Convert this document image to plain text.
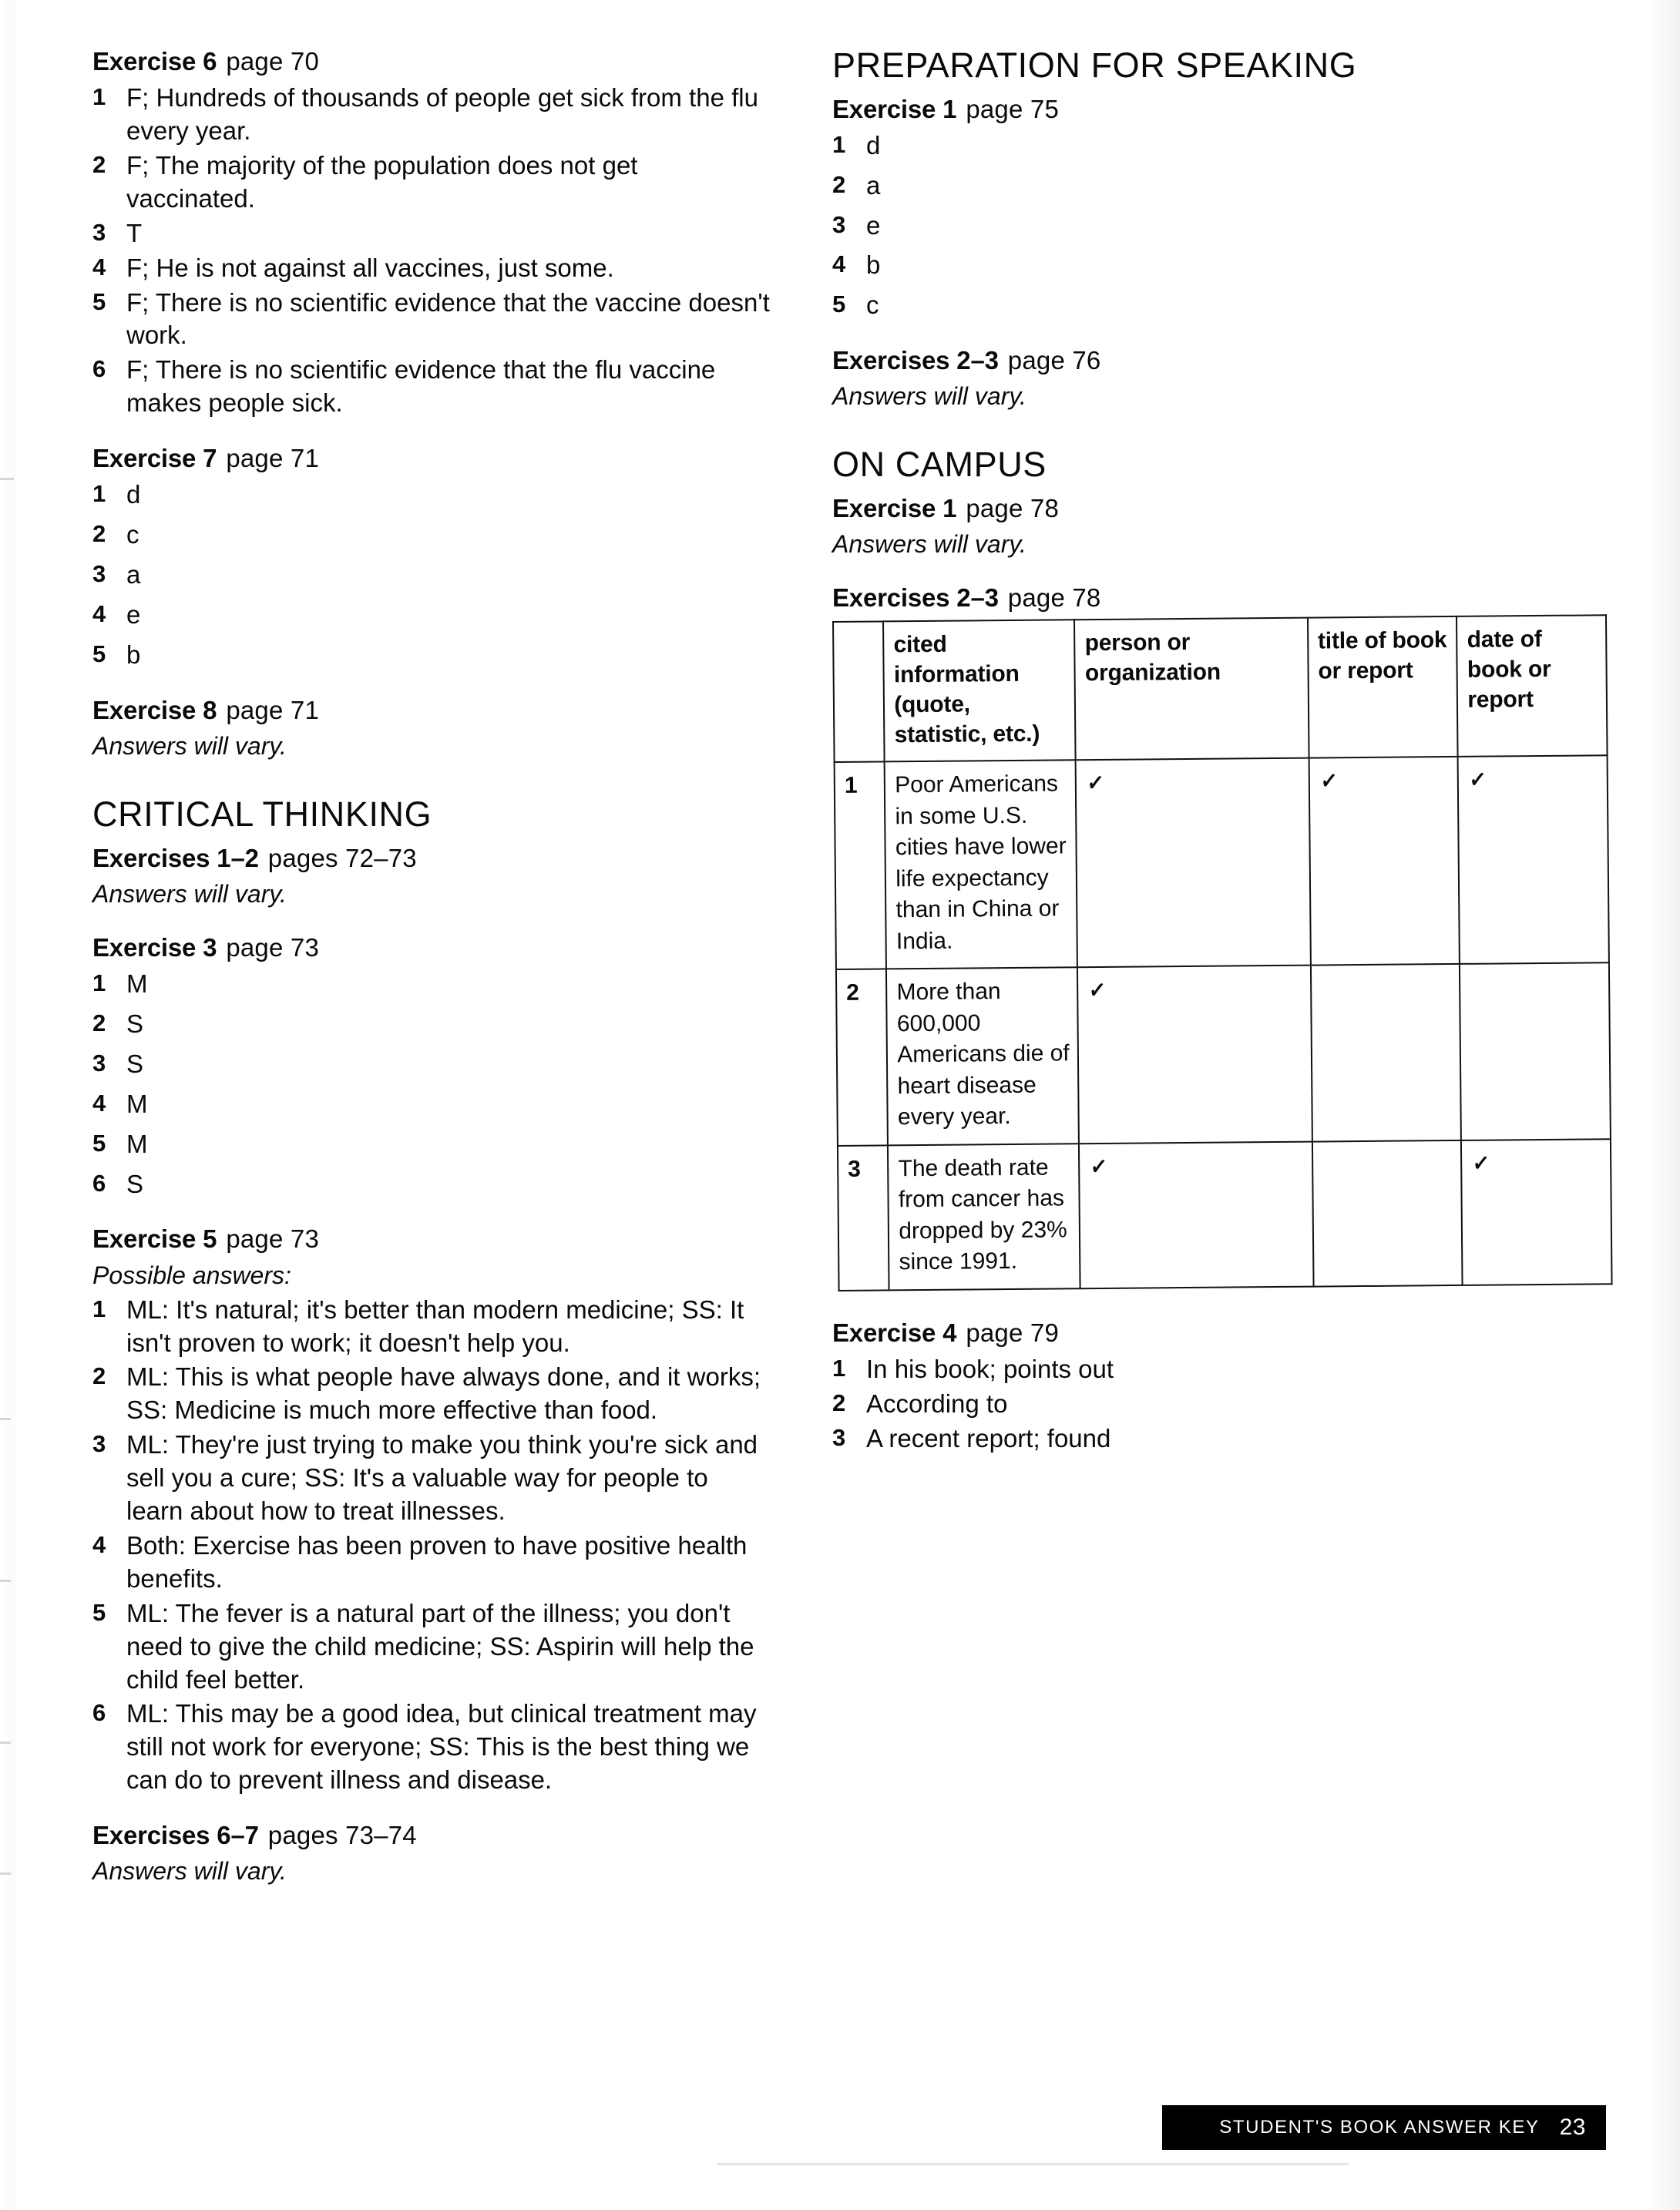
Exercise 6 page 70
1 F; Hundreds of thousands of people get sick from the flu every year.
2 F; The majority of the population does not get vaccinated.
3 T
4 F; He is not against all vaccines, just some.
5 F; There is no scientific evidence that the vaccine doesn't work.
6 F; There is no scientific evidence that the flu vaccine makes people sick.
Exercise 7 page 71
1 d
2 c
3 a
4 e
5 b
Exercise 8 page 71

Answers will vary.

CRITICAL THINKING
Exercises 1–2 pages 72–73

Answers will vary.

Exercise 3 page 73
1 M
2 S
3 S
4 M
5 M
6 S
Exercise 5 page 73

Possible answers:

1 ML: It's natural; it's better than modern medicine; SS: It isn't proven to work; it doesn't help you.
2 ML: This is what people have always done, and it works; SS: Medicine is much more effective than food.
3 ML: They're just trying to make you think you're sick and sell you a cure; SS: It's a valuable way for people to learn about how to treat illnesses.
4 Both: Exercise has been proven to have positive health benefits.
5 ML: The fever is a natural part of the illness; you don't need to give the child medicine; SS: Aspirin will help the child feel better.
6 ML: This may be a good idea, but clinical treatment may still not work for everyone; SS: This is the best thing we can do to prevent illness and disease.
Exercises 6–7 pages 73–74

Answers will vary.

PREPARATION FOR SPEAKING
Exercise 1 page 75
1 d
2 a
3 e
4 b
5 c
Exercises 2–3 page 76

Answers will vary.

ON CAMPUS
Exercise 1 page 78

Answers will vary.

Exercises 2–3 page 78
	cited information (quote, statistic, etc.)	person or organization	title of book or report	date of book or report
1	Poor Americans in some U.S. cities have lower life expectancy than in China or India.	✓	✓	✓
2	More than 600,000 Americans die of heart disease every year.	✓		
3	The death rate from cancer has dropped by 23% since 1991.	✓		✓
Exercise 4 page 79
1 In his book; points out
2 According to
3 A recent report; found
STUDENT'S BOOK ANSWER KEY 23
